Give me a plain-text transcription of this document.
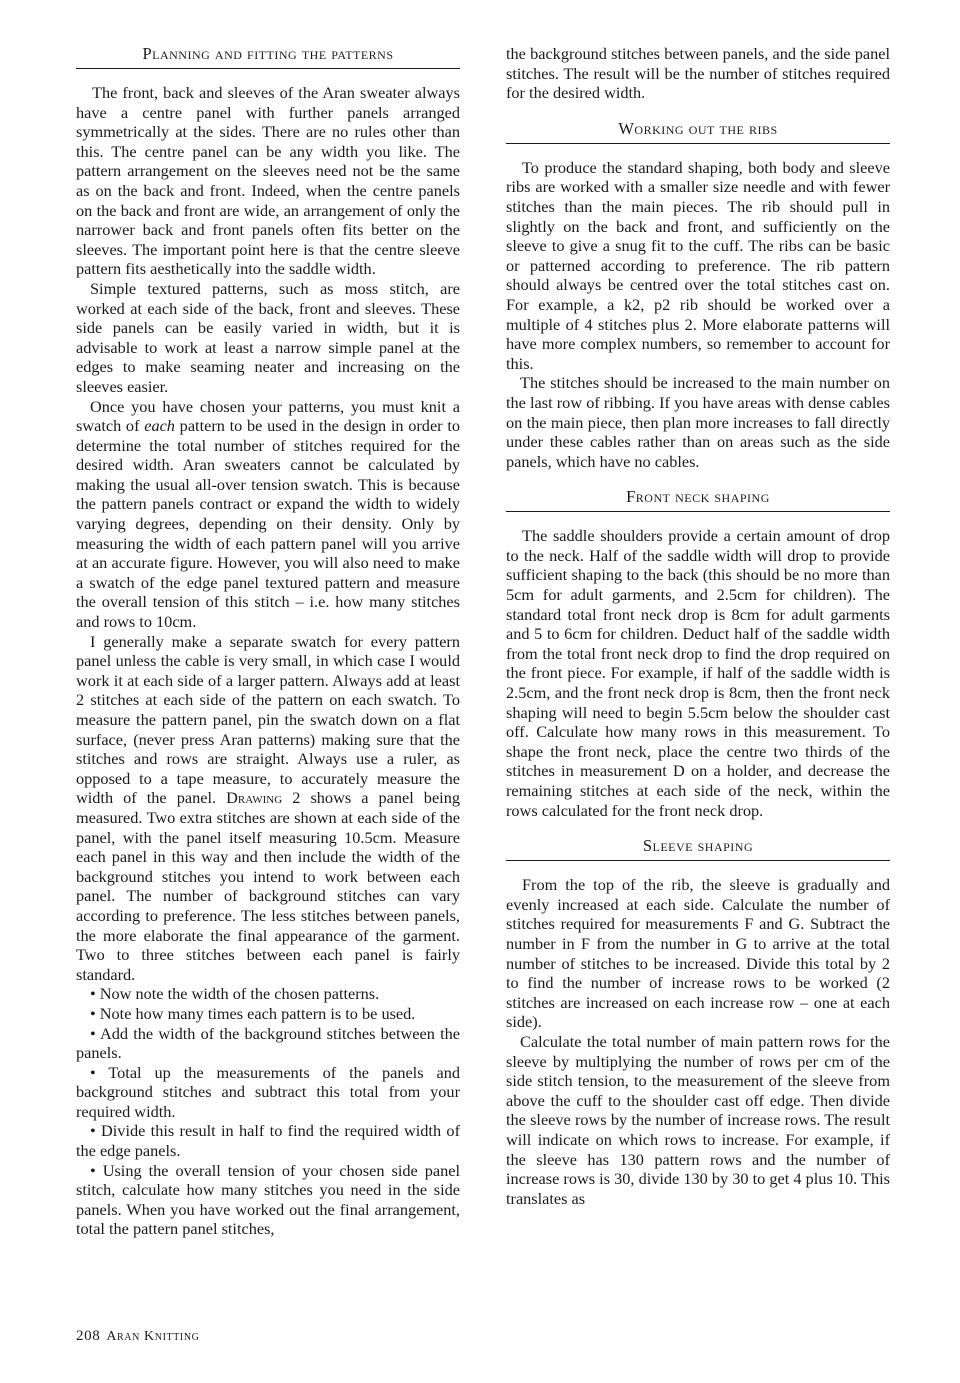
Planning and fitting the patterns

The front, back and sleeves of the Aran sweater always have a centre panel with further panels arranged symmetrically at the sides. There are no rules other than this. The centre panel can be any width you like. The pattern arrangement on the sleeves need not be the same as on the back and front. Indeed, when the centre panels on the back and front are wide, an arrangement of only the narrower back and front panels often fits better on the sleeves. The important point here is that the centre sleeve pattern fits aesthetically into the saddle width.

Simple textured patterns, such as moss stitch, are worked at each side of the back, front and sleeves. These side panels can be easily varied in width, but it is advisable to work at least a narrow simple panel at the edges to make seaming neater and increasing on the sleeves easier.

Once you have chosen your patterns, you must knit a swatch of each pattern to be used in the design in order to determine the total number of stitches required for the desired width. Aran sweaters cannot be calculated by making the usual all-over tension swatch. This is because the pattern panels contract or expand the width to widely varying degrees, depending on their density. Only by measuring the width of each pattern panel will you arrive at an accurate figure. However, you will also need to make a swatch of the edge panel textured pattern and measure the overall tension of this stitch – i.e. how many stitches and rows to 10cm.

I generally make a separate swatch for every pattern panel unless the cable is very small, in which case I would work it at each side of a larger pattern. Always add at least 2 stitches at each side of the pattern on each swatch. To measure the pattern panel, pin the swatch down on a flat surface, (never press Aran patterns) making sure that the stitches and rows are straight. Always use a ruler, as opposed to a tape measure, to accurately measure the width of the panel. Drawing 2 shows a panel being measured. Two extra stitches are shown at each side of the panel, with the panel itself measuring 10.5cm. Measure each panel in this way and then include the width of the background stitches you intend to work between each panel. The number of background stitches can vary according to preference. The less stitches between panels, the more elaborate the final appearance of the garment. Two to three stitches between each panel is fairly standard.

• Now note the width of the chosen patterns.

• Note how many times each pattern is to be used.

• Add the width of the background stitches between the panels.

• Total up the measurements of the panels and background stitches and subtract this total from your required width.

• Divide this result in half to find the required width of the edge panels.

• Using the overall tension of your chosen side panel stitch, calculate how many stitches you need in the side panels. When you have worked out the final arrangement, total the pattern panel stitches,

the background stitches between panels, and the side panel stitches. The result will be the number of stitches required for the desired width.

Working out the ribs

To produce the standard shaping, both body and sleeve ribs are worked with a smaller size needle and with fewer stitches than the main pieces. The rib should pull in slightly on the back and front, and sufficiently on the sleeve to give a snug fit to the cuff. The ribs can be basic or patterned according to preference. The rib pattern should always be centred over the total stitches cast on. For example, a k2, p2 rib should be worked over a multiple of 4 stitches plus 2. More elaborate patterns will have more complex numbers, so remember to account for this.

The stitches should be increased to the main number on the last row of ribbing. If you have areas with dense cables on the main piece, then plan more increases to fall directly under these cables rather than on areas such as the side panels, which have no cables.

Front neck shaping

The saddle shoulders provide a certain amount of drop to the neck. Half of the saddle width will drop to provide sufficient shaping to the back (this should be no more than 5cm for adult garments, and 2.5cm for children). The standard total front neck drop is 8cm for adult garments and 5 to 6cm for children. Deduct half of the saddle width from the total front neck drop to find the drop required on the front piece. For example, if half of the saddle width is 2.5cm, and the front neck drop is 8cm, then the front neck shaping will need to begin 5.5cm below the shoulder cast off. Calculate how many rows in this measurement. To shape the front neck, place the centre two thirds of the stitches in measurement D on a holder, and decrease the remaining stitches at each side of the neck, within the rows calculated for the front neck drop.

Sleeve shaping

From the top of the rib, the sleeve is gradually and evenly increased at each side. Calculate the number of stitches required for measurements F and G. Subtract the number in F from the number in G to arrive at the total number of stitches to be increased. Divide this total by 2 to find the number of increase rows to be worked (2 stitches are increased on each increase row – one at each side).

Calculate the total number of main pattern rows for the sleeve by multiplying the number of rows per cm of the side stitch tension, to the measurement of the sleeve from above the cuff to the shoulder cast off edge. Then divide the sleeve rows by the number of increase rows. The result will indicate on which rows to increase. For example, if the sleeve has 130 pattern rows and the number of increase rows is 30, divide 130 by 30 to get 4 plus 10. This translates as

208 Aran Knitting
